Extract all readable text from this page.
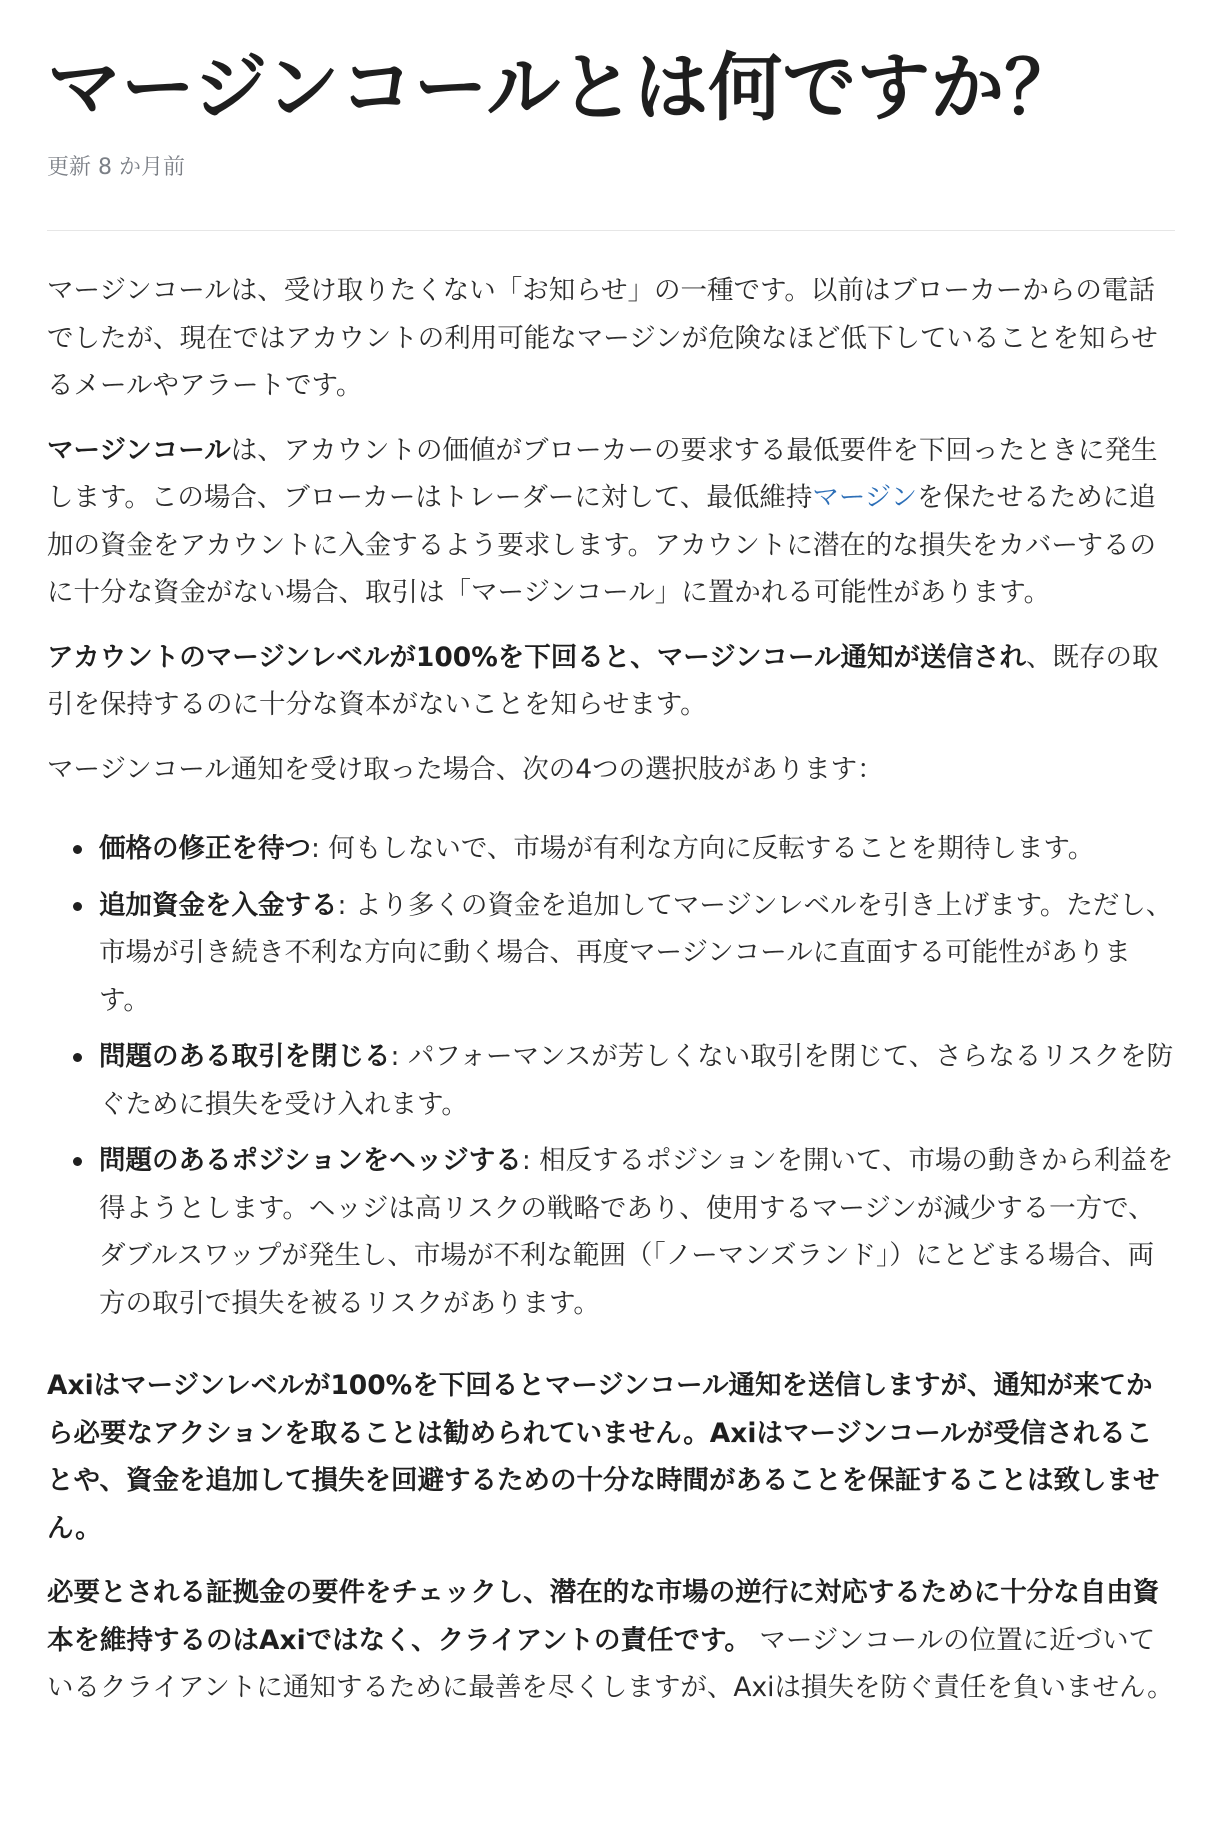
マージンコールとは何ですか？
更新 8 か月前

マージンコールは、受け取りたくない「お知らせ」の一種です。以前はブローカーからの電話でしたが、現在ではアカウントの利用可能なマージンが危険なほど低下していることを知らせるメールやアラートです。

マージンコールは、アカウントの価値がブローカーの要求する最低要件を下回ったときに発生します。この場合、ブローカーはトレーダーに対して、最低維持マージンを保たせるために追加の資金をアカウントに入金するよう要求します。アカウントに潜在的な損失をカバーするのに十分な資金がない場合、取引は「マージンコール」に置かれる可能性があります。

アカウントのマージンレベルが100%を下回ると、マージンコール通知が送信され、既存の取引を保持するのに十分な資本がないことを知らせます。

マージンコール通知を受け取った場合、次の4つの選択肢があります：

価格の修正を待つ: 何もしないで、市場が有利な方向に反転することを期待します。
追加資金を入金する: より多くの資金を追加してマージンレベルを引き上げます。ただし、市場が引き続き不利な方向に動く場合、再度マージンコールに直面する可能性があります。
問題のある取引を閉じる: パフォーマンスが芳しくない取引を閉じて、さらなるリスクを防ぐために損失を受け入れます。
問題のあるポジションをヘッジする: 相反するポジションを開いて、市場の動きから利益を得ようとします。ヘッジは高リスクの戦略であり、使用するマージンが減少する一方で、ダブルスワップが発生し、市場が不利な範囲（「ノーマンズランド」）にとどまる場合、両方の取引で損失を被るリスクがあります。

Axiはマージンレベルが100%を下回るとマージンコール通知を送信しますが、通知が来てから必要なアクションを取ることは勧められていません。Axiはマージンコールが受信されることや、資金を追加して損失を回避するための十分な時間があることを保証することは致しません。

必要とされる証拠金の要件をチェックし、潜在的な市場の逆行に対応するために十分な自由資本を維持するのはAxiではなく、クライアントの責任です。 マージンコールの位置に近づいているクライアントに通知するために最善を尽くしますが、Axiは損失を防ぐ責任を負いません。
